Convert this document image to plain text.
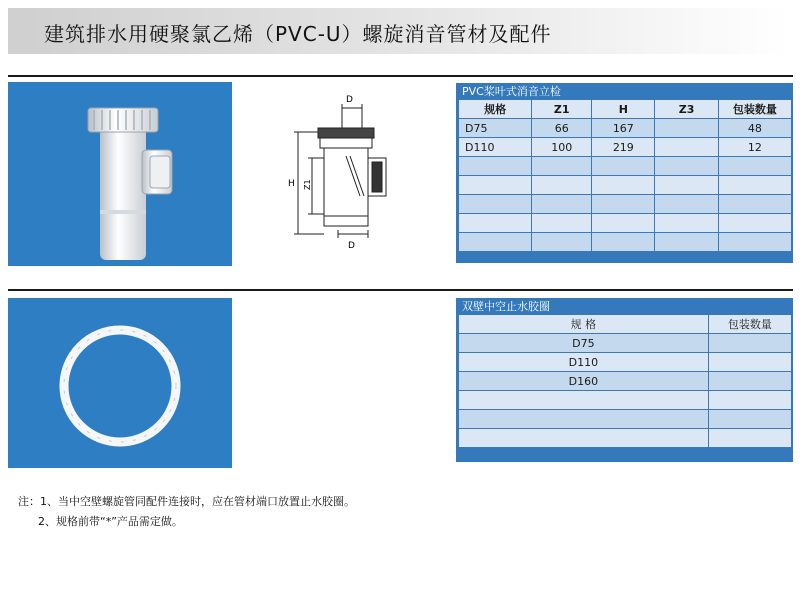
建筑排水用硬聚氯乙烯（PVC-U）螺旋消音管材及配件
D
H Z1
D
PVC桨叶式消音立检
规格	Z1	H	Z3	包装数量
D75	66	167		48
D110	100	219		12

双壁中空止水胶圈
规 格	包装数量
D75	
D110	
D160	

注：1、当中空壁螺旋管同配件连接时，应在管材端口放置止水胶圈。
2、规格前带“*”产品需定做。
